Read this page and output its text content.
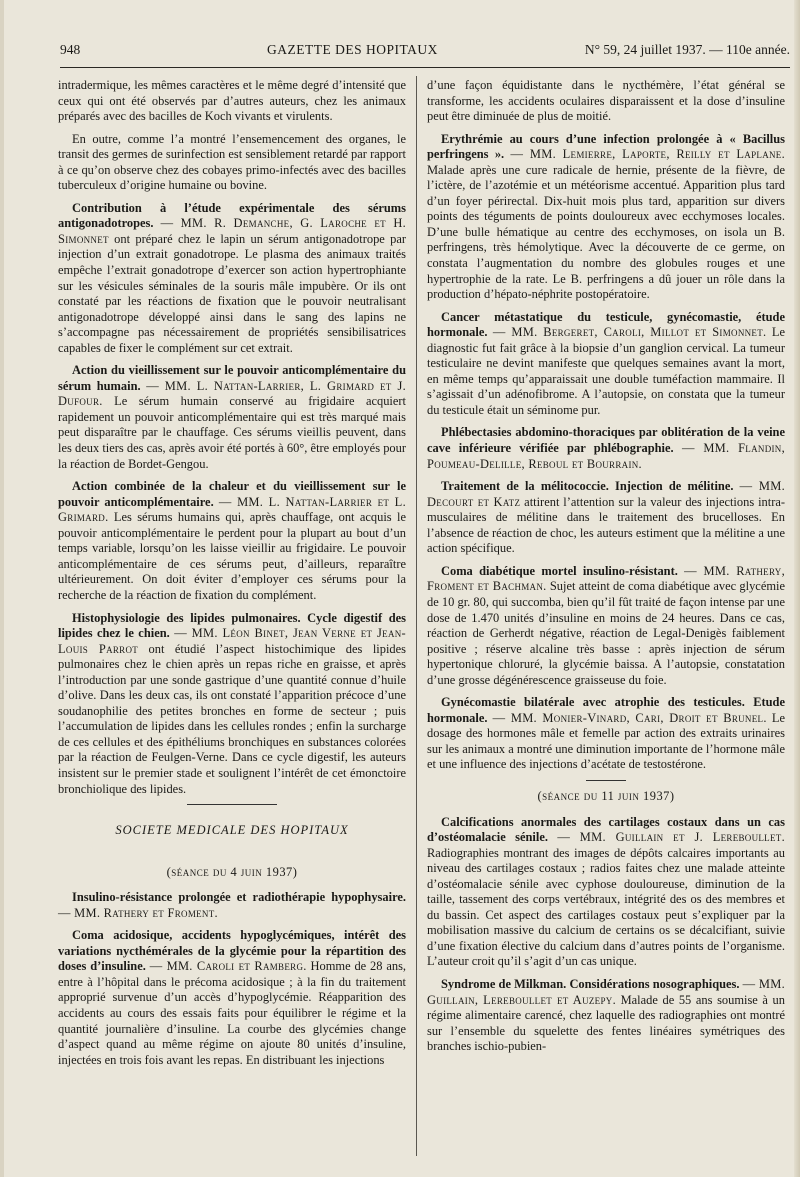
948	GAZETTE DES HOPITAUX	N° 59, 24 juillet 1937. — 110e année.

intradermique, les mêmes caractères et le même degré d’intensité que ceux qui ont été observés par d’autres auteurs, chez les animaux préparés avec des bacilles de Koch vivants et virulents.

En outre, comme l’a montré l’ensemencement des organes, le transit des germes de surinfection est sensiblement retardé par rapport à ce qu’on observe chez des cobayes primo-infectés avec des bacilles tuberculeux d’origine humaine ou bovine.

Contribution à l’étude expérimentale des sérums antigonadotropes. — MM. R. Demanche, G. Laroche et H. Simonnet ont préparé chez le lapin un sérum antigonadotrope par injection d’un extrait gonadotrope. Le plasma des animaux traités empêche l’extrait gonadotrope d’exercer son action hypertrophiante sur les vésicules séminales de la souris mâle impubère. Or ils ont constaté par les réactions de fixation que le pouvoir neutralisant antigonadotrope développé ainsi dans le sang des lapins ne s’accompagne pas nécessairement de propriétés sensibilisatrices capables de fixer le complément sur cet extrait.

Action du vieillissement sur le pouvoir anticomplémentaire du sérum humain. — MM. L. Nattan-Larrier, L. Grimard et J. Dufour. Le sérum humain conservé au frigidaire acquiert rapidement un pouvoir anticomplémentaire qui est très marqué mais peut disparaître par le chauffage. Ces sérums vieillis peuvent, dans les deux tiers des cas, après avoir été portés à 60°, être employés pour la réaction de Bordet-Gengou.

Action combinée de la chaleur et du vieillissement sur le pouvoir anticomplémentaire. — MM. L. Nattan-Larrier et L. Grimard. Les sérums humains qui, après chauffage, ont acquis le pouvoir anticomplémentaire le perdent pour la plupart au bout d’un temps variable, lorsqu’on les laisse vieillir au frigidaire. Le pouvoir anticomplémentaire de ces sérums peut, d’ailleurs, reparaître ultérieurement. On doit éviter d’employer ces sérums pour la recherche de la réaction de fixation du complément.

Histophysiologie des lipides pulmonaires. Cycle digestif des lipides chez le chien. — MM. Léon Binet, Jean Verne et Jean-Louis Parrot ont étudié l’aspect histochimique des lipides pulmonaires chez le chien après un repas riche en graisse, et après l’introduction par une sonde gastrique d’une quantité connue d’huile d’olive. Dans les deux cas, ils ont constaté l’apparition précoce d’une soudanophilie des petites bronches en forme de secteur ; puis l’accumulation de lipides dans les cellules rondes ; enfin la surcharge de ces cellules et des épithéliums bronchiques en substances colorées par la réaction de Feulgen-Verne. Dans ce cycle digestif, les auteurs insistent sur le premier stade et soulignent l’intérêt de cet émonctoire bronchiolique des lipides.

SOCIETE MEDICALE DES HOPITAUX
(séance du 4 juin 1937)

Insulino-résistance prolongée et radiothérapie hypophysaire. — MM. Rathery et Froment.

Coma acidosique, accidents hypoglycémiques, intérêt des variations nycthémérales de la glycémie pour la répartition des doses d’insuline. — MM. Caroli et Ramberg. Homme de 28 ans, entre à l’hôpital dans le précoma acidosique ; à la fin du traitement approprié survenue d’un accès d’hypoglycémie. Réapparition des accidents au cours des essais faits pour équilibrer le régime et la quantité journalière d’insuline. La courbe des glycémies change d’aspect quand au même régime on ajoute 80 unités d’insuline, injectées en trois fois avant les repas. En distribuant les injections

d’une façon équidistante dans le nycthémère, l’état général se transforme, les accidents oculaires disparaissent et la dose d’insuline peut être diminuée de plus de moitié.

Erythrémie au cours d’une infection prolongée à « Bacillus perfringens ». — MM. Lemierre, Laporte, Reilly et Laplane. Malade après une cure radicale de hernie, présente de la fièvre, de l’ictère, de l’azotémie et un météorisme accentué. Apparition plus tard d’un foyer périrectal. Dix-huit mois plus tard, apparition sur divers points des téguments de points douloureux avec ecchymoses locales. D’une bulle hématique au centre des ecchymoses, on isola un B. perfringens, très hémolytique. Avec la découverte de ce germe, on constata l’augmentation du nombre des globules rouges et une hypertrophie de la rate. Le B. perfringens a dû jouer un rôle dans la production d’hépato-néphrite postopératoire.

Cancer métastatique du testicule, gynécomastie, étude hormonale. — MM. Bergeret, Caroli, Millot et Simonnet. Le diagnostic fut fait grâce à la biopsie d’un ganglion cervical. La tumeur testiculaire ne devint manifeste que quelques semaines avant la mort, en même temps qu’apparaissait une double tuméfaction mammaire. Il s’agissait d’un adénofibrome. A l’autopsie, on constata que la tumeur du testicule était un séminome pur.

Phlébectasies abdomino-thoraciques par oblitération de la veine cave inférieure vérifiée par phlébographie. — MM. Flandin, Poumeau-Delille, Reboul et Bourrain.

Traitement de la mélitococcie. Injection de mélitine. — MM. Decourt et Katz attirent l’attention sur la valeur des injections intra-musculaires de mélitine dans le traitement des brucelloses. En l’absence de réaction de choc, les auteurs estiment que la mélitine a une action spécifique.

Coma diabétique mortel insulino-résistant. — MM. Rathery, Froment et Bachman. Sujet atteint de coma diabétique avec glycémie de 10 gr. 80, qui succomba, bien qu’il fût traité de façon intense par une dose de 1.470 unités d’insuline en moins de 24 heures. Dans ce cas, réaction de Gerherdt négative, réaction de Legal-Denigès faiblement positive ; réserve alcaline très basse : après injection de sérum hypertonique chloruré, la glycémie baissa. A l’autopsie, constatation d’une grosse dégénérescence graisseuse du foie.

Gynécomastie bilatérale avec atrophie des testicules. Etude hormonale. — MM. Monier-Vinard, Cari, Droit et Brunel. Le dosage des hormones mâle et femelle par action des extraits urinaires sur les animaux a montré une diminution importante de l’hormone mâle et une influence des injections d’acétate de testostérone.

(séance du 11 juin 1937)

Calcifications anormales des cartilages costaux dans un cas d’ostéomalacie sénile. — MM. Guillain et J. Lereboullet. Radiographies montrant des images de dépôts calcaires importants au niveau des cartilages costaux ; radios faites chez une malade atteinte d’ostéomalacie sénile avec cyphose douloureuse, diminution de la taille, tassement des corps vertébraux, intégrité des os des membres et du bassin. Cet aspect des cartilages costaux peut s’expliquer par la mobilisation massive du calcium de certains os se décalcifiant, suivie d’une fixation élective du calcium dans d’autres points de l’organisme. L’auteur croit qu’il s’agit d’un cas unique.

Syndrome de Milkman. Considérations nosographiques. — MM. Guillain, Lereboullet et Auzepy. Malade de 55 ans soumise à un régime alimentaire carencé, chez laquelle des radiographies ont montré sur l’ensemble du squelette des fentes linéaires symétriques des branches ischio-pubien-
